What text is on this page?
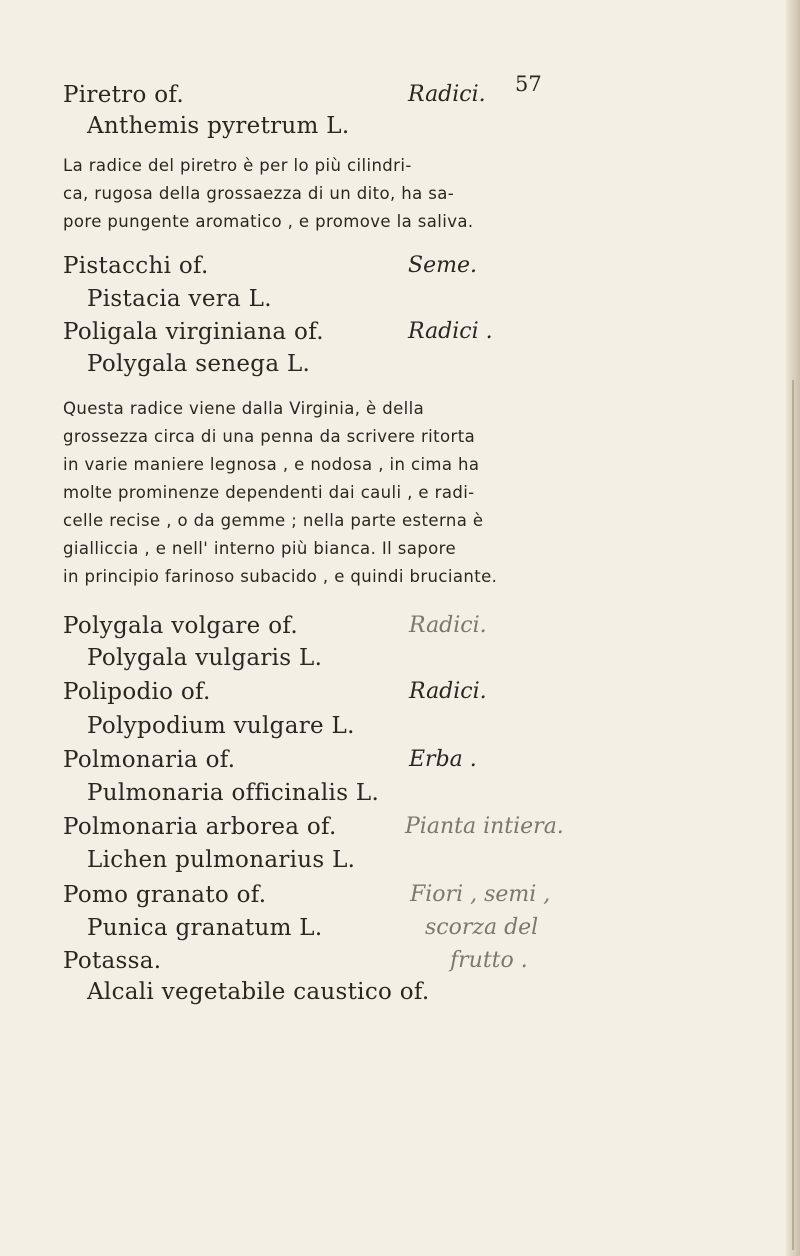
57
Piretro of.	Radici.
Anthemis pyretrum L.
La radice del piretro è per lo più cilindri-
ca, rugosa della grossaezza di un dito, ha sa-
pore pungente aromatico , e promove la saliva.
Pistacchi of.	Seme.
Pistacia vera L.
Poligala virginiana of.	Radici .
Polygala senega L.
Questa radice viene dalla Virginia, è della
grossezza circa di una penna da scrivere ritorta
in varie maniere legnosa , e nodosa , in cima ha
molte prominenze dependenti dai cauli , e radi-
celle recise , o da gemme ; nella parte esterna è
gialliccia , e nell' interno più bianca. Il sapore
in principio farinoso subacido , e quindi bruciante.
Polygala volgare of.	Radici.
Polygala vulgaris L.
Polipodio of.	Radici.
Polypodium vulgare L.
Polmonaria of.	Erba .
Pulmonaria officinalis L.
Polmonaria arborea of.	Pianta intiera.
Lichen pulmonarius L.
Pomo granato of.	Fiori , semi ,
Punica granatum L.	scorza del
Potassa.	frutto .
Alcali vegetabile caustico of.
